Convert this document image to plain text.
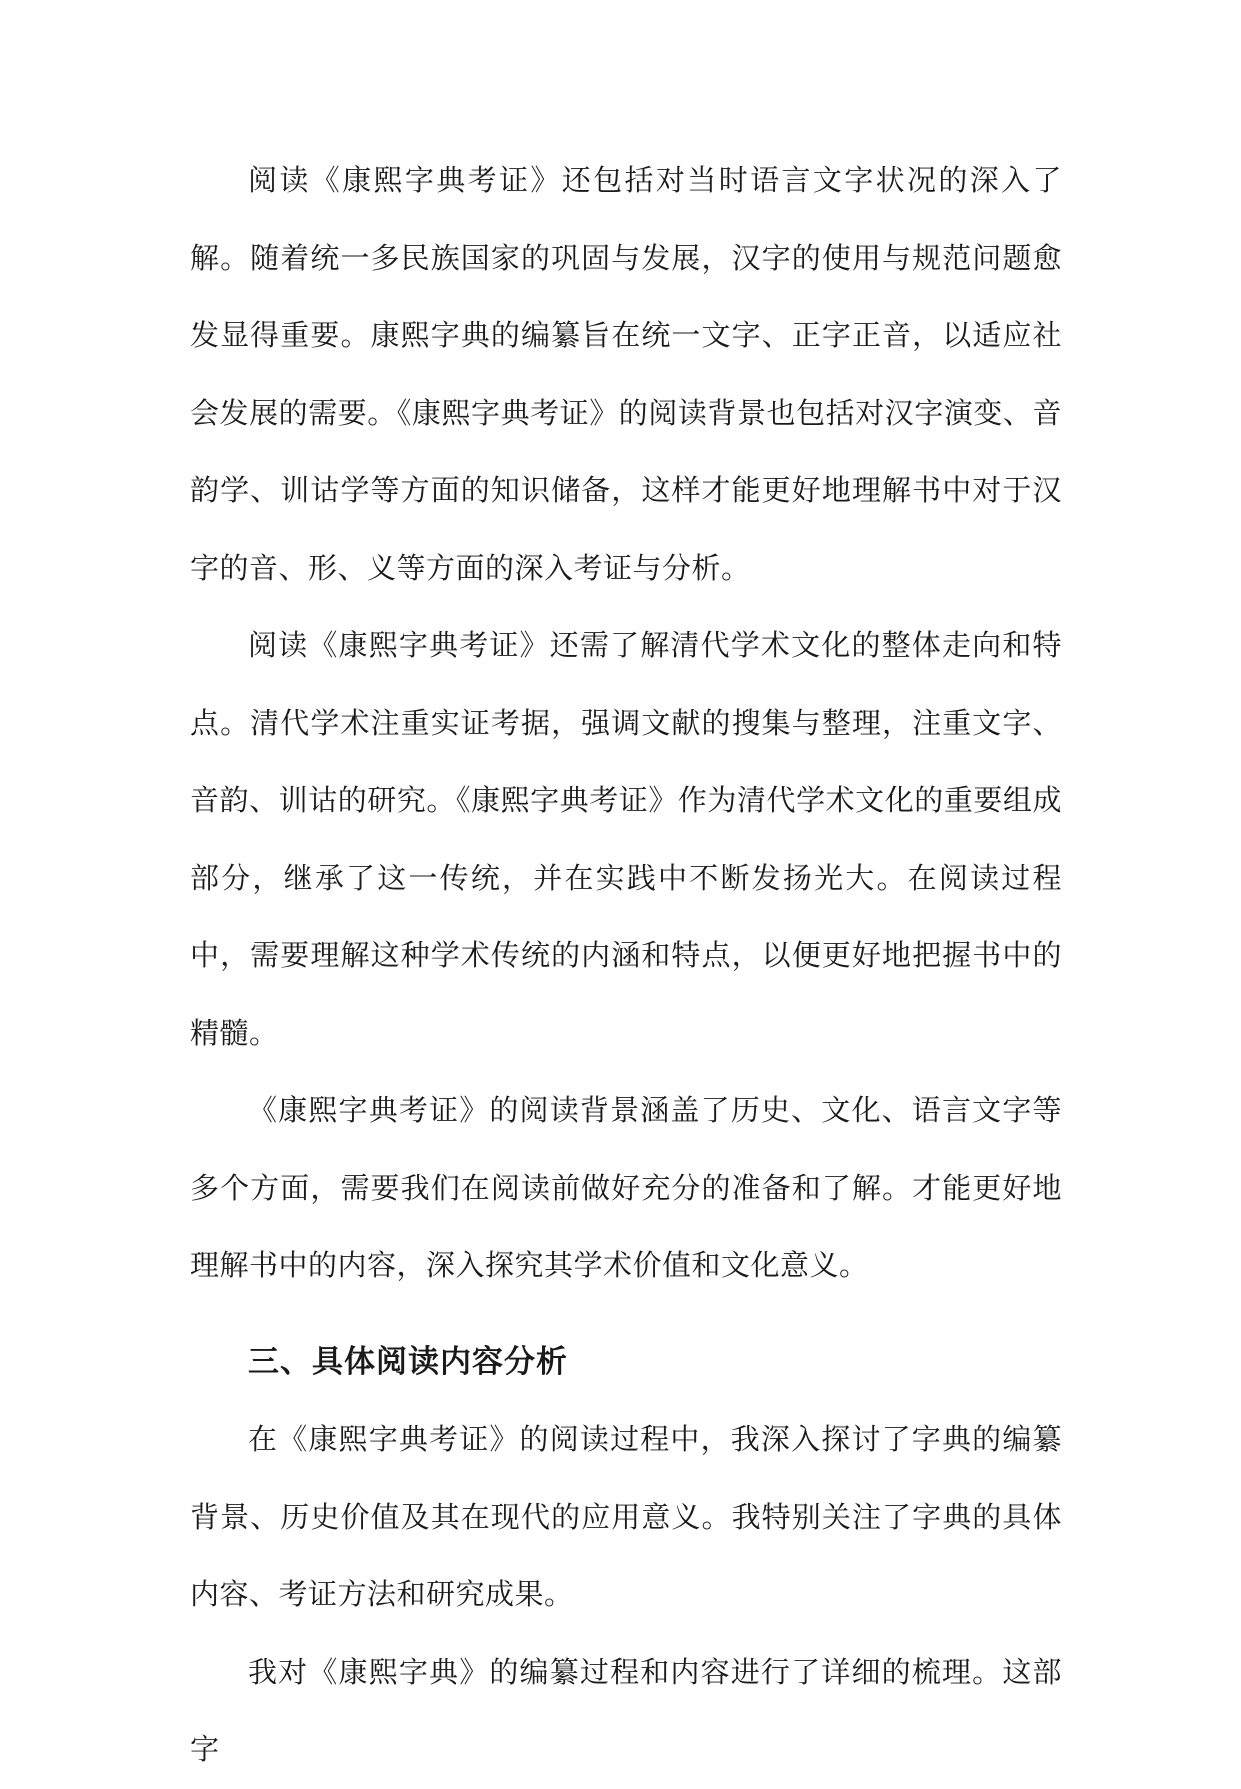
阅读《康熙字典考证》还包括对当时语言文字状况的深入了解。随着统一多民族国家的巩固与发展，汉字的使用与规范问题愈发显得重要。康熙字典的编纂旨在统一文字、正字正音，以适应社会发展的需要。《康熙字典考证》的阅读背景也包括对汉字演变、音韵学、训诂学等方面的知识储备，这样才能更好地理解书中对于汉字的音、形、义等方面的深入考证与分析。

阅读《康熙字典考证》还需了解清代学术文化的整体走向和特点。清代学术注重实证考据，强调文献的搜集与整理，注重文字、音韵、训诂的研究。《康熙字典考证》作为清代学术文化的重要组成部分，继承了这一传统，并在实践中不断发扬光大。在阅读过程中，需要理解这种学术传统的内涵和特点，以便更好地把握书中的精髓。

《康熙字典考证》的阅读背景涵盖了历史、文化、语言文字等多个方面，需要我们在阅读前做好充分的准备和了解。才能更好地理解书中的内容，深入探究其学术价值和文化意义。

三、具体阅读内容分析

在《康熙字典考证》的阅读过程中，我深入探讨了字典的编纂背景、历史价值及其在现代的应用意义。我特别关注了字典的具体内容、考证方法和研究成果。

我对《康熙字典》的编纂过程和内容进行了详细的梳理。这部字
